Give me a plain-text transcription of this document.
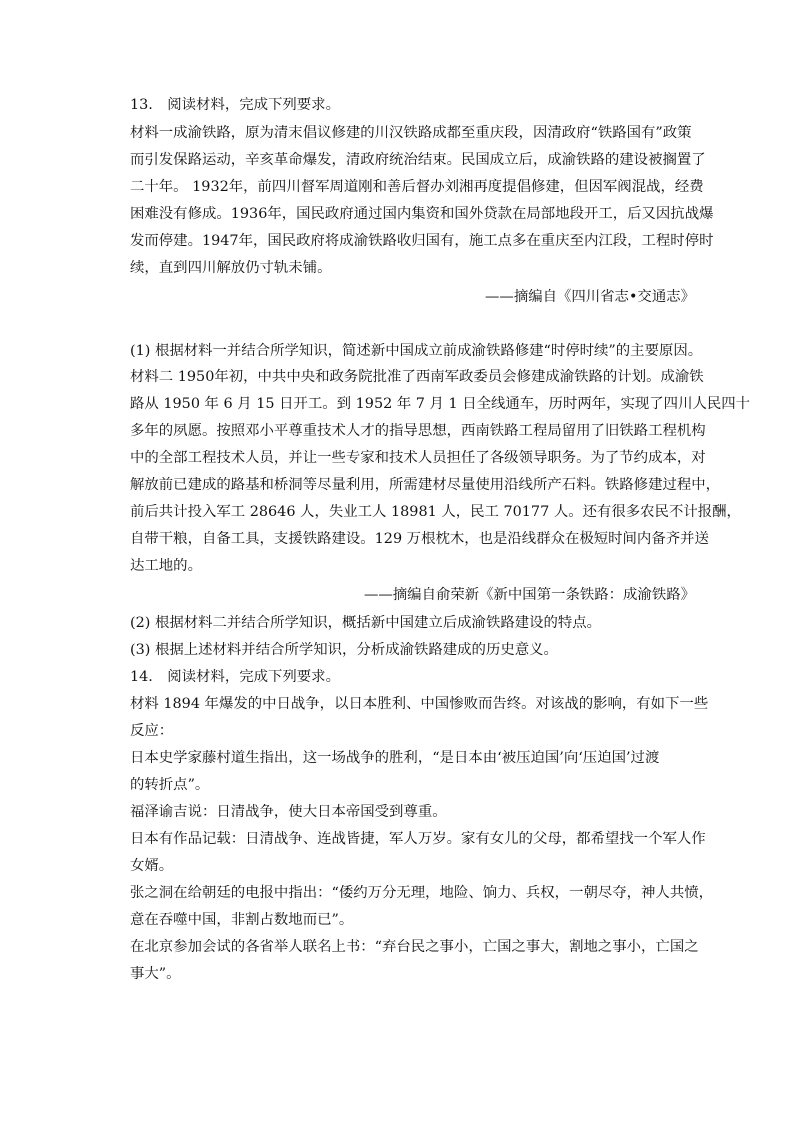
13.　阅读材料，完成下列要求。
材料一成渝铁路，原为清末倡议修建的川汉铁路成都至重庆段，因清政府“铁路国有”政策
而引发保路运动，辛亥革命爆发，清政府统治结束。民国成立后，成渝铁路的建设被搁置了
二十年。 1932年，前四川督军周道刚和善后督办刘湘再度提倡修建，但因军阀混战，经费
困难没有修成。1936年，国民政府通过国内集资和国外贷款在局部地段开工，后又因抗战爆
发而停建。1947年，国民政府将成渝铁路收归国有，施工点多在重庆至内江段，工程时停时
续，直到四川解放仍寸轨未铺。
——摘编自《四川省志•交通志》
(1) 根据材料一并结合所学知识，简述新中国成立前成渝铁路修建“时停时续”的主要原因。
材料二 1950年初，中共中央和政务院批准了西南军政委员会修建成渝铁路的计划。成渝铁
路从 1950 年 6 月 15 日开工。到 1952 年 7 月 1 日全线通车，历时两年，实现了四川人民四十
多年的夙愿。按照邓小平尊重技术人才的指导思想，西南铁路工程局留用了旧铁路工程机构
中的全部工程技术人员，并让一些专家和技术人员担任了各级领导职务。为了节约成本，对
解放前已建成的路基和桥洞等尽量利用，所需建材尽量使用沿线所产石料。铁路修建过程中，
前后共计投入军工 28646 人，失业工人 18981 人，民工 70177 人。还有很多农民不计报酬，
自带干粮，自备工具，支援铁路建设。129 万根枕木，也是沿线群众在极短时间内备齐并送
达工地的。
——摘编自俞荣新《新中国第一条铁路：成渝铁路》
(2) 根据材料二并结合所学知识，概括新中国建立后成渝铁路建设的特点。
(3) 根据上述材料并结合所学知识，分析成渝铁路建成的历史意义。
14.　阅读材料，完成下列要求。
材料 1894 年爆发的中日战争，以日本胜利、中国惨败而告终。对该战的影响，有如下一些
反应：
日本史学家藤村道生指出，这一场战争的胜利，“是日本由‘被压迫国’向‘压迫国’过渡
的转折点”。
福泽谕吉说：日清战争，使大日本帝国受到尊重。
日本有作品记载：日清战争、连战皆捷，军人万岁。家有女儿的父母，都希望找一个军人作
女婿。
张之洞在给朝廷的电报中指出：“倭约万分无理，地险、饷力、兵权，一朝尽夺，神人共愤，
意在吞噬中国，非割占数地而已”。
在北京参加会试的各省举人联名上书：“弃台民之事小，亡国之事大，割地之事小，亡国之
事大”。
